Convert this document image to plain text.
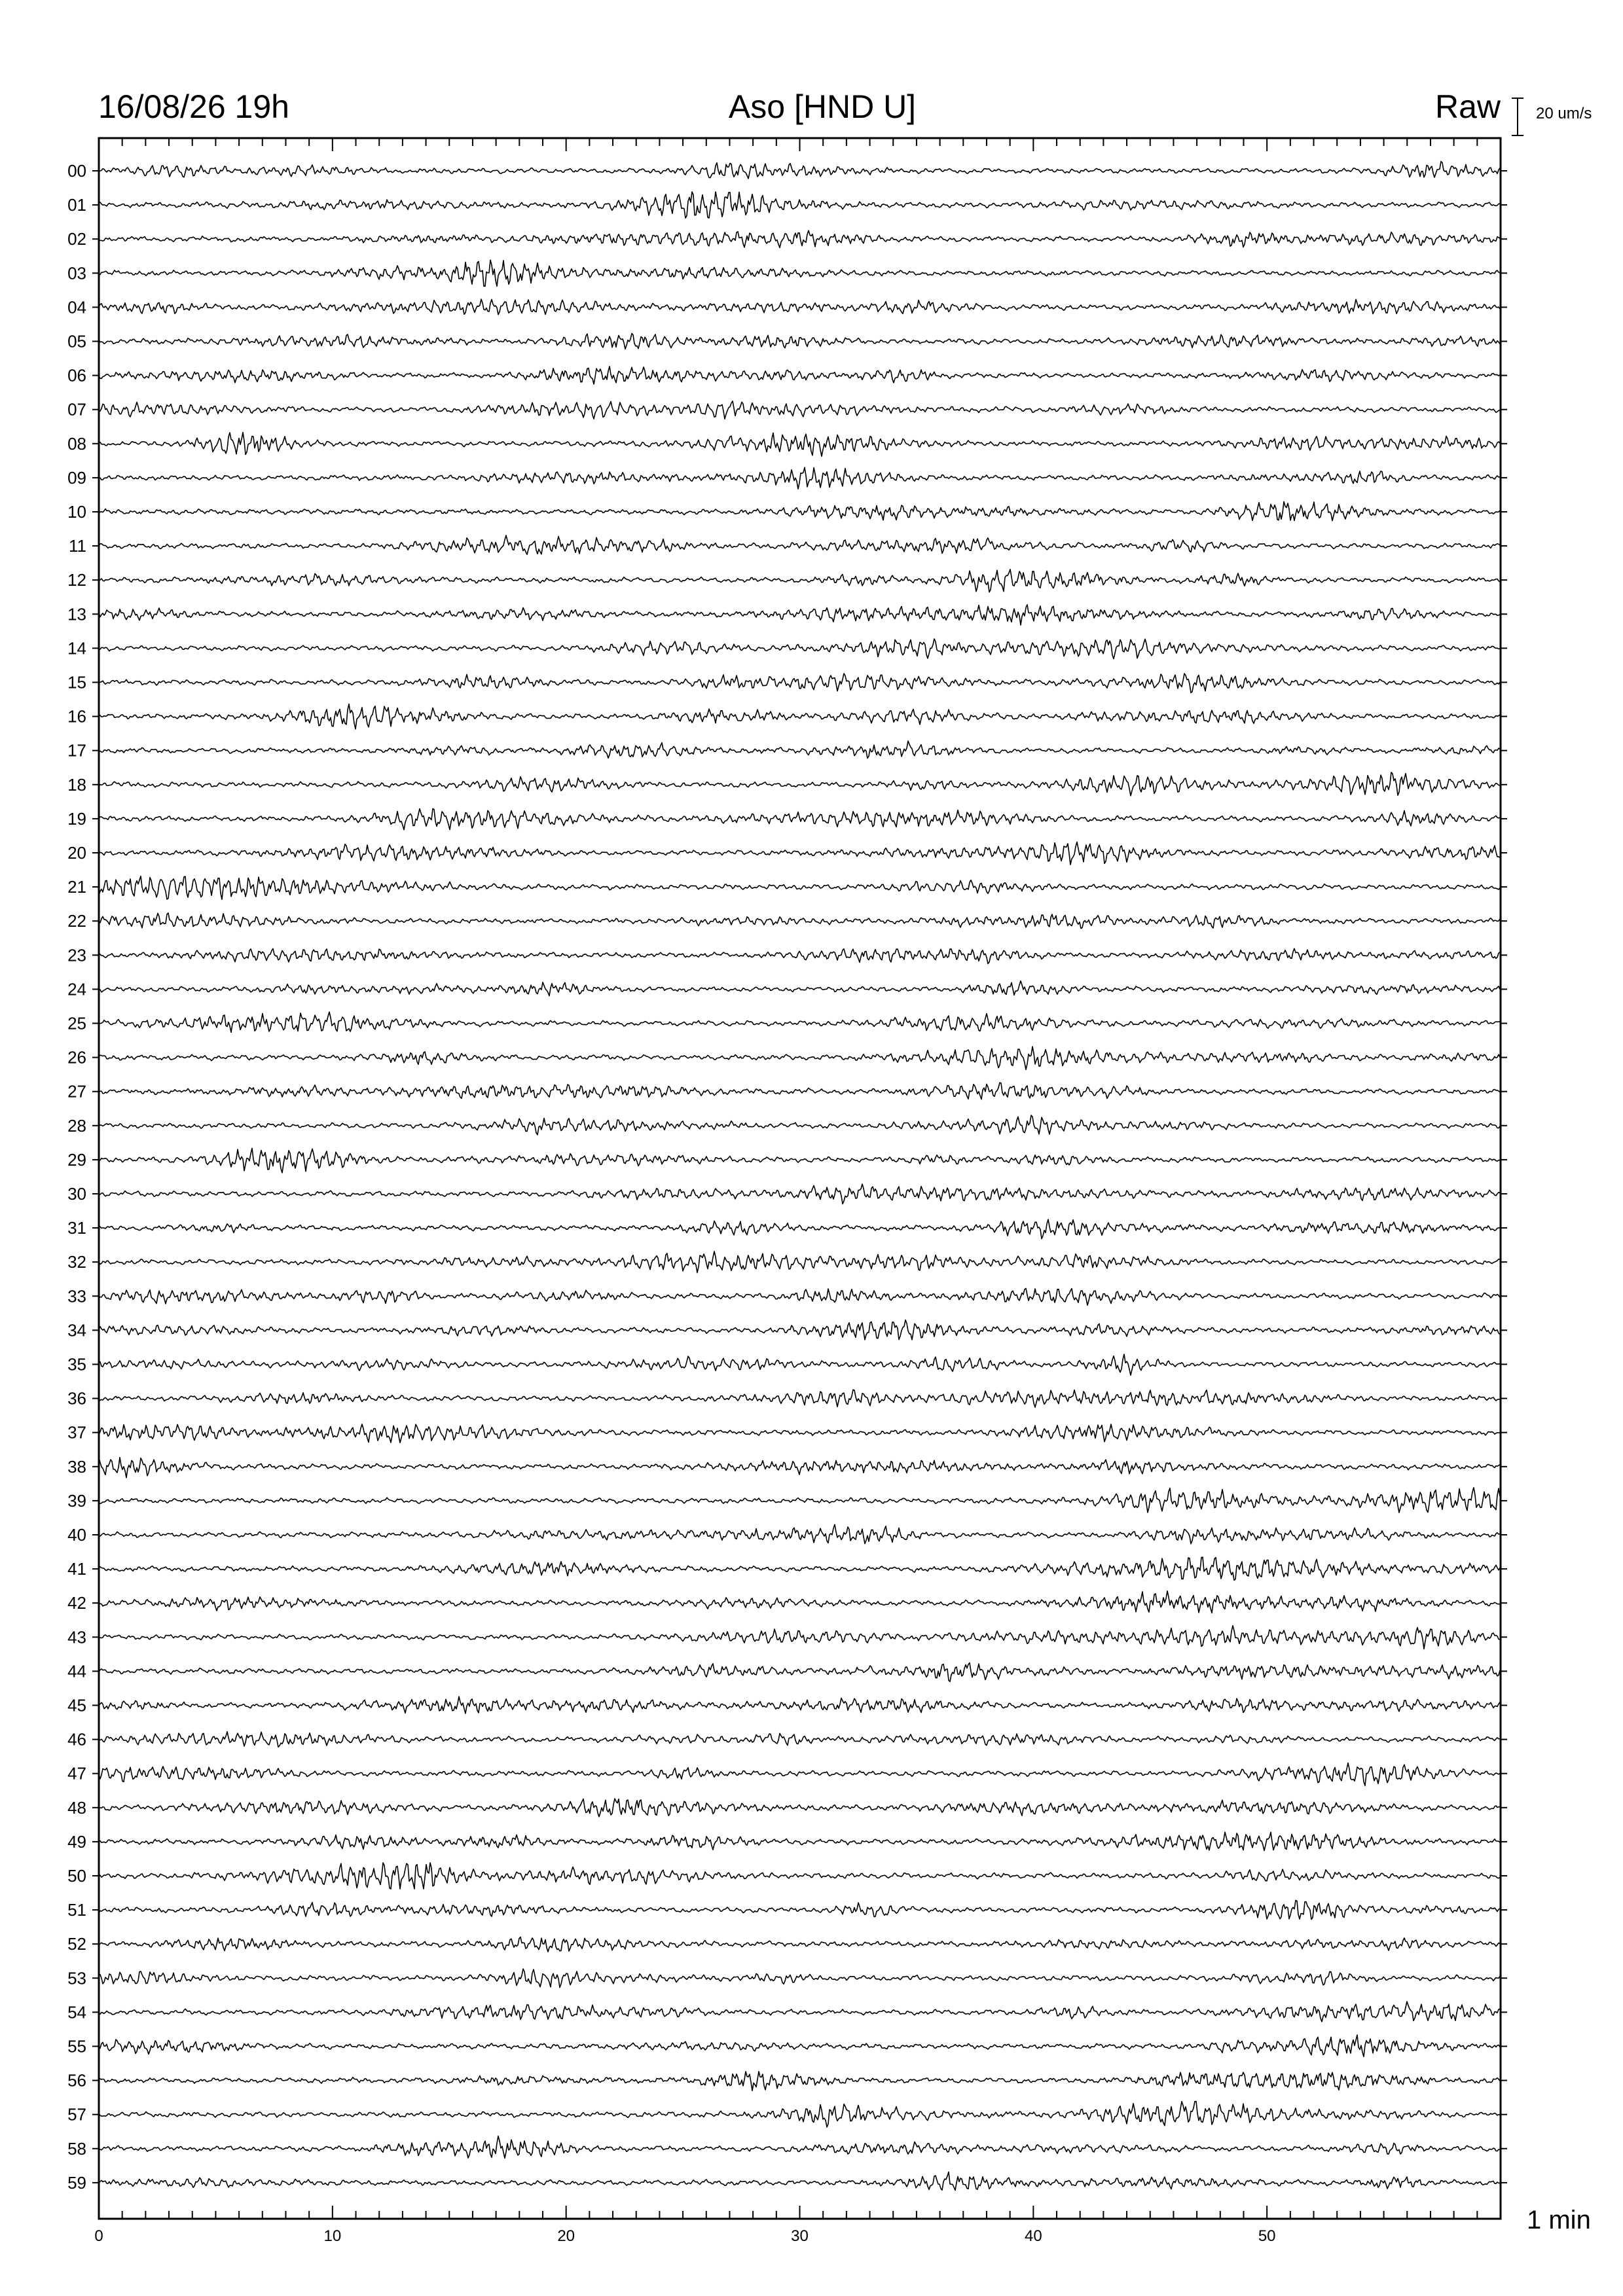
16/08/26 19h	Aso [HND U]	Raw 20 um/s
1 min
0	10	20	30	40	50
00
01
02
03
04
05
06
07
08
09
10
11
12
13
14
15
16
17
18
19
20
21
22
23
24
25
26
27
28
29
30
31
32
33
34
35
36
37
38
39
40
41
42
43
44
45
46
47
48
49
50
51
52
53
54
55
56
57
58
59
